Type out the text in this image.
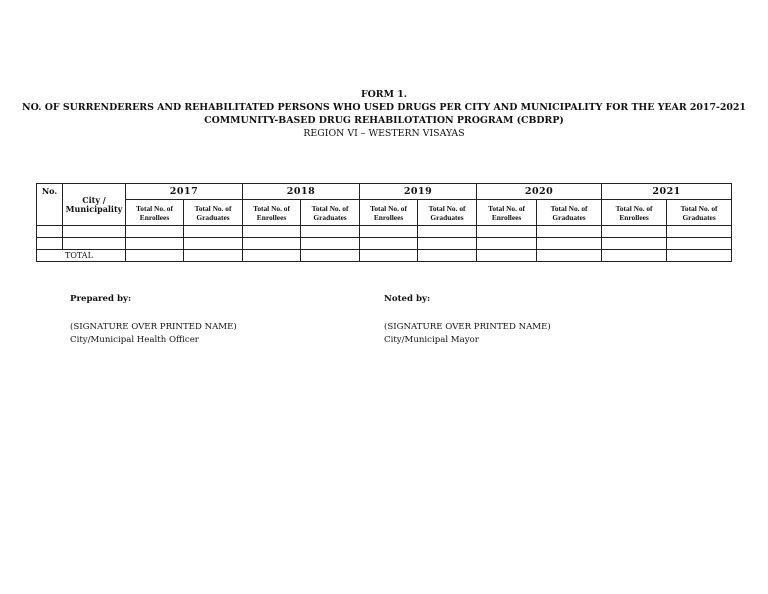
FORM 1.
NO. OF SURRENDERERS AND REHABILITATED PERSONS WHO USED DRUGS PER CITY AND MUNICIPALITY FOR THE YEAR 2017-2021
COMMUNITY-BASED DRUG REHABILOTATION PROGRAM (CBDRP)
REGION VI – WESTERN VISAYAS
No.	City / Municipality	2017		2018		2019		2020		2021	
		Total No. of Enrollees	Total No. of Graduates	Total No. of Enrollees	Total No. of Graduates	Total No. of Enrollees	Total No. of Graduates	Total No. of Enrollees	Total No. of Graduates	Total No. of Enrollees	Total No. of Graduates

TOTAL											
Prepared by:
(SIGNATURE OVER PRINTED NAME)
City/Municipal Health Officer
Noted by:
(SIGNATURE OVER PRINTED NAME)
City/Municipal Mayor
